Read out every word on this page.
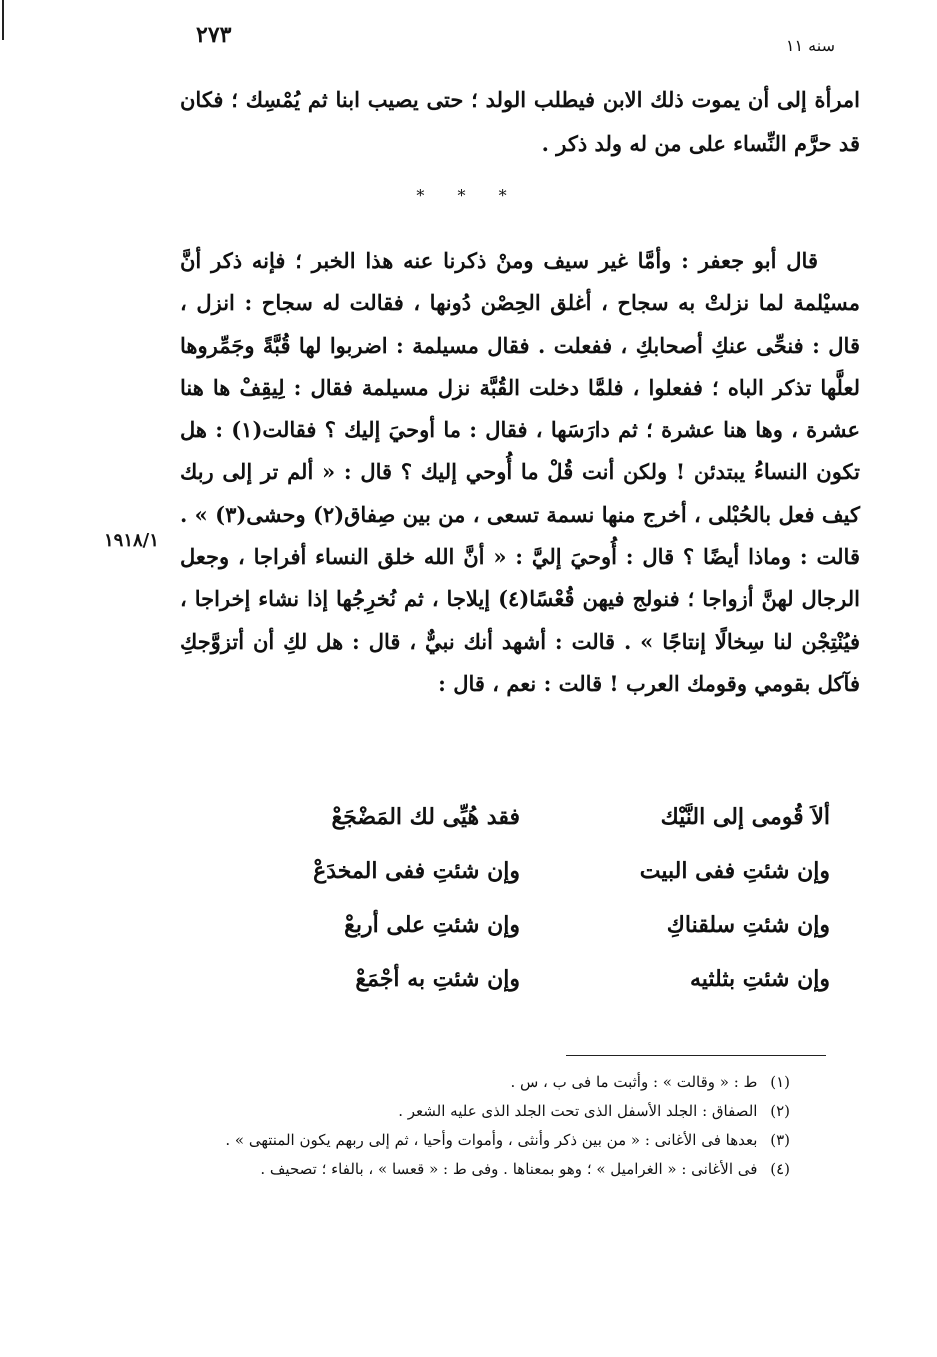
٢٧٣	سنه ١١

امرأة إلى أن يموت ذلك الابن فيطلب الولد ؛ حتى يصيب ابنا ثم يُمْسِك ؛ فكان قد حرَّم النِّساء على من له ولد ذكر .

* * *

قال أبو جعفر : وأمَّا غير سيف ومنْ ذكرنا عنه هذا الخبر ؛ فإنه ذكر أنَّ مسيْلمة لما نزلتْ به سجاح ، أغلق الحِصْن دُونها ، فقالت له سجاح : انزل ، قال : فنحِّى عنكِ أصحابكِ ، ففعلت . فقال مسيلمة : اضربوا لها قُبَّةً وجَمِّروها لعلَّها تذكر الباه ؛ ففعلوا ، فلمَّا دخلت القُبَّة نزل مسيلمة فقال : لِيقِفْ ها هنا عشرة ، وها هنا عشرة ؛ ثم دارَسَها ، فقال : ما أوحيَ إليك ؟ فقالت(١) : هل تكون النساءُ يبتدئن ! ولكن أنت قُلْ ما أُوحي إليك ؟ قال : « ألم تر إلى ربك كيف فعل بالحُبْلى ، أخرج منها نسمة تسعى ، من بين صِفاق(٢) وحشى(٣) » . قالت : وماذا أيضًا ؟ قال : أُوحيَ إليَّ : « أنَّ الله خلق النساء أفراجا ، وجعل الرجال لهنَّ أزواجا ؛ فنولج فيهن قُعْسًا(٤) إيلاجا ، ثم نُخرِجُها إذا نشاء إخراجا ، فيُنْتِجْن لنا سِخالًا إنتاجًا » . قالت : أشهد أنك نبيٌّ ، قال : هل لكِ أن أتزوَّجكِ فآكل بقومي وقومك العرب ! قالت : نعم ، قال :

١٩١٨/١
ألاَ قُومى إلى النَّيْك
فقد هُيِّى لك المَضْجَعْ
وإن شئتِ ففى البيت
وإن شئتِ ففى المخدَعْ
وإن شئتِ سلقناكِ
وإن شئتِ على أربعْ
وإن شئتِ بثلثيه
وإن شئتِ به أجْمَعْ
(١) ط : « وقالت » : وأثبت ما فى ب ، س .
(٢) الصفاق : الجلد الأسفل الذى تحت الجلد الذى عليه الشعر .
(٣) بعدها فى الأغانى : « من بين ذكر وأنثى ، وأموات وأحيا ، ثم إلى ربهم يكون المنتهى » .
(٤) فى الأغانى : « الغراميل » ؛ وهو بمعناها . وفى ط : « قعسا » ، بالفاء ؛ تصحيف .
